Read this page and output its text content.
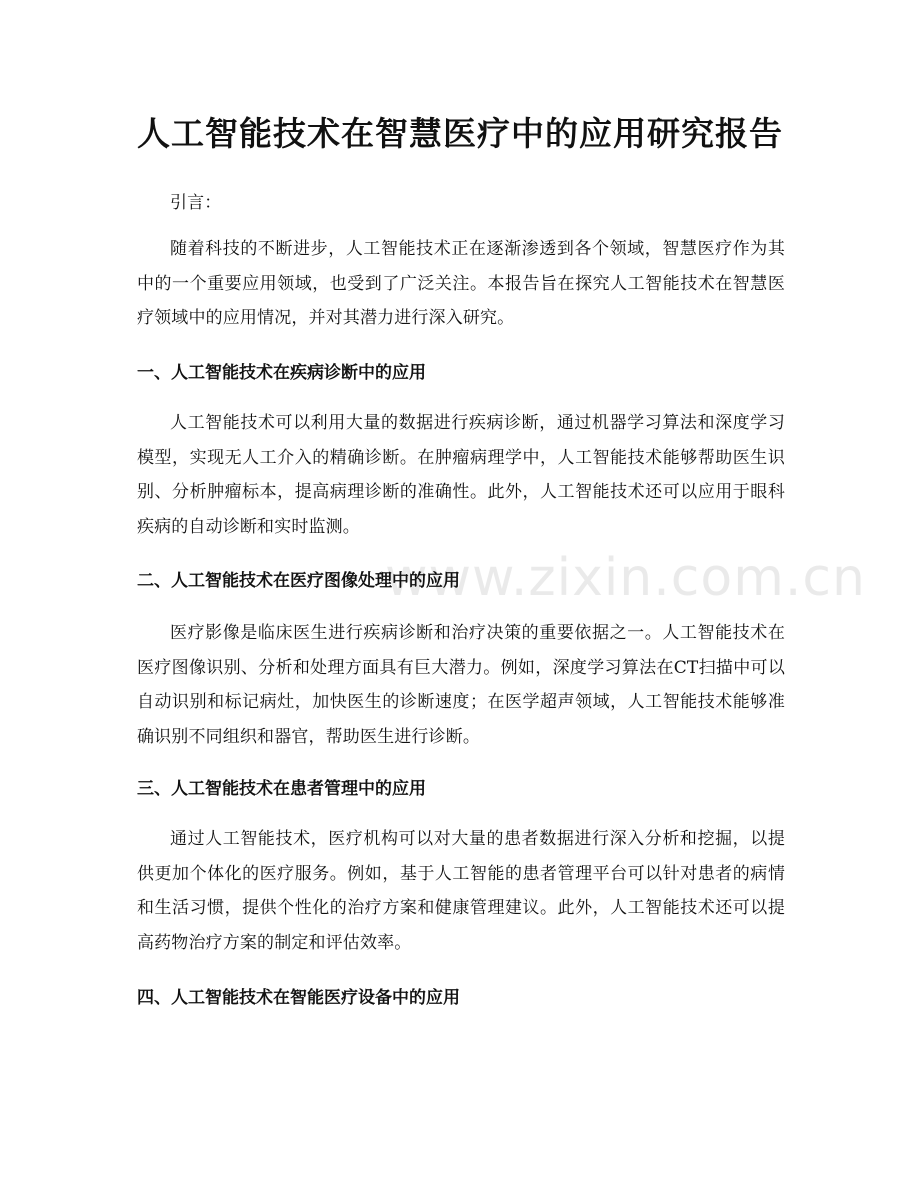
www.zixin.com.cn
人工智能技术在智慧医疗中的应用研究报告

引言：

随着科技的不断进步，人工智能技术正在逐渐渗透到各个领域，智慧医疗作为其中的一个重要应用领域，也受到了广泛关注。本报告旨在探究人工智能技术在智慧医疗领域中的应用情况，并对其潜力进行深入研究。

一、人工智能技术在疾病诊断中的应用

人工智能技术可以利用大量的数据进行疾病诊断，通过机器学习算法和深度学习模型，实现无人工介入的精确诊断。在肿瘤病理学中，人工智能技术能够帮助医生识别、分析肿瘤标本，提高病理诊断的准确性。此外，人工智能技术还可以应用于眼科疾病的自动诊断和实时监测。

二、人工智能技术在医疗图像处理中的应用

医疗影像是临床医生进行疾病诊断和治疗决策的重要依据之一。人工智能技术在医疗图像识别、分析和处理方面具有巨大潜力。例如，深度学习算法在CT扫描中可以自动识别和标记病灶，加快医生的诊断速度；在医学超声领域，人工智能技术能够准确识别不同组织和器官，帮助医生进行诊断。

三、人工智能技术在患者管理中的应用

通过人工智能技术，医疗机构可以对大量的患者数据进行深入分析和挖掘，以提供更加个体化的医疗服务。例如，基于人工智能的患者管理平台可以针对患者的病情和生活习惯，提供个性化的治疗方案和健康管理建议。此外，人工智能技术还可以提高药物治疗方案的制定和评估效率。

四、人工智能技术在智能医疗设备中的应用
